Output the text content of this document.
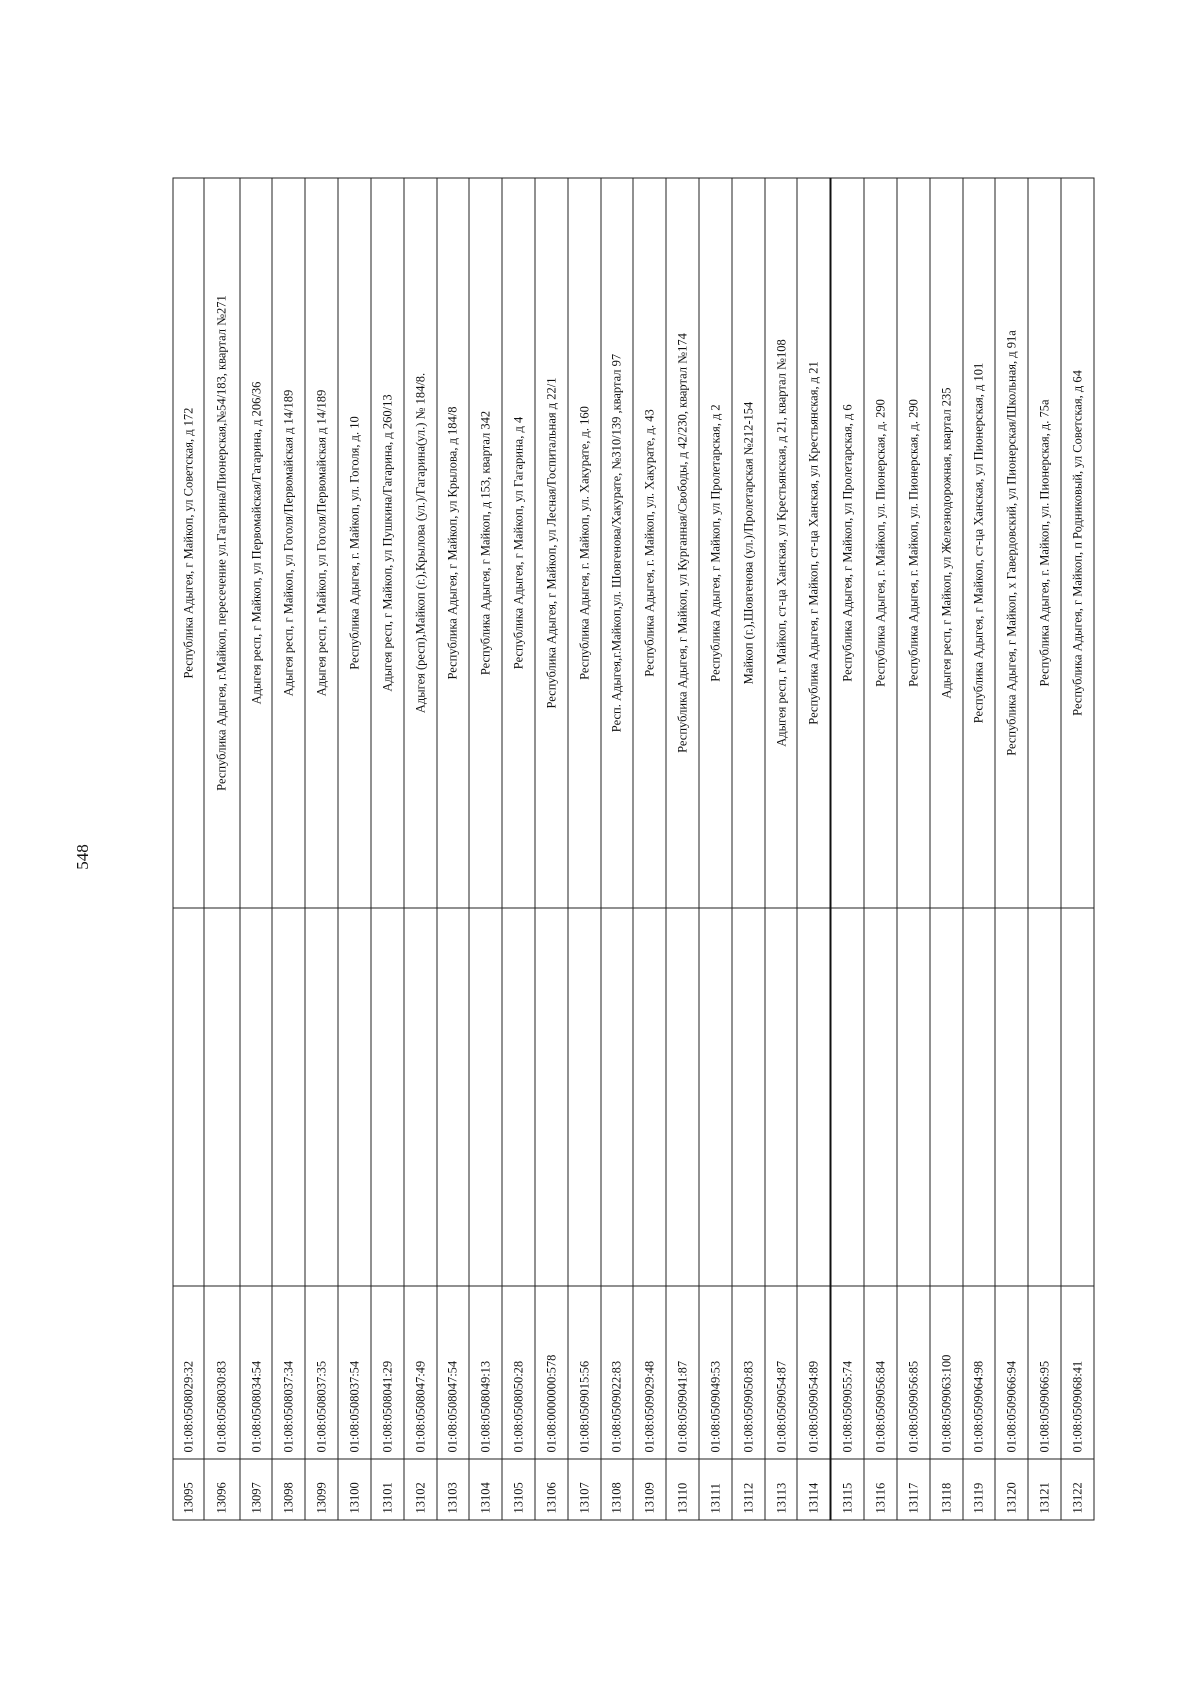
548
13095	01:08:0508029:32		Республика Адыгея, г Майкоп, ул Советская, д 172
13096	01:08:0508030:83		Республика Адыгея, г.Майкоп, пересечение ул.Гагарина/Пионерская,№54/183, квартал №271
13097	01:08:0508034:54		Адыгея респ, г Майкоп, ул Первомайская/Гагарина, д 206/36
13098	01:08:0508037:34		Адыгея респ, г Майкоп, ул Гоголя/Первомайская д 14/189
13099	01:08:0508037:35		Адыгея респ, г Майкоп, ул Гоголя/Первомайская д 14/189
13100	01:08:0508037:54		Республика Адыгея, г. Майкоп, ул. Гоголя, д. 10
13101	01:08:0508041:29		Адыгея респ, г Майкоп, ул Пушкина/Гагарина, д 260/13
13102	01:08:0508047:49		Адыгея (респ),Майкоп (г.),Крылова (ул.)/Гагарина(ул.) № 184/8.
13103	01:08:0508047:54		Республика Адыгея, г Майкоп, ул Крылова, д 184/8
13104	01:08:0508049:13		Республика Адыгея, г Майкоп, д 153, квартал 342
13105	01:08:0508050:28		Республика Адыгея, г Майкоп, ул Гагарина, д 4
13106	01:08:0000000:578		Республика Адыгея, г Майкоп, ул Лесная/Госпитальная д 22/1
13107	01:08:0509015:56		Республика Адыгея, г. Майкоп, ул. Хакурате, д. 160
13108	01:08:0509022:83		Респ. Адыгея,г.Майкоп,ул. Шовгенова/Хакурате, №310/139 ,квартал 97
13109	01:08:0509029:48		Республика Адыгея, г. Майкоп, ул. Хакурате, д. 43
13110	01:08:0509041:87		Республика Адыгея, г Майкоп, ул Курганная/Свободы, д 42/230, квартал №174
13111	01:08:0509049:53		Республика Адыгея, г Майкоп, ул Пролетарская, д 2
13112	01:08:0509050:83		Майкоп (г.),Шовгенова (ул.)/Пролетарская №212-154
13113	01:08:0509054:87		Адыгея респ, г Майкоп, ст-ца Ханская, ул Крестьянская, д 21, квартал №108
13114	01:08:0509054:89		Республика Адыгея, г Майкоп, ст-ца Ханская, ул Крестьянская, д 21
13115	01:08:0509055:74		Республика Адыгея, г Майкоп, ул Пролетарская, д 6
13116	01:08:0509056:84		Республика Адыгея, г. Майкоп, ул. Пионерская, д. 290
13117	01:08:0509056:85		Республика Адыгея, г. Майкоп, ул. Пионерская, д. 290
13118	01:08:0509063:100		Адыгея респ, г Майкоп, ул Железнодорожная, квартал 235
13119	01:08:0509064:98		Республика Адыгея, г Майкоп, ст-ца Ханская, ул Пионерская, д 101
13120	01:08:0509066:94		Республика Адыгея, г Майкоп, х Гавердовский, ул Пионерская/Школьная, д 91а
13121	01:08:0509066:95		Республика Адыгея, г. Майкоп, ул. Пионерская, д. 75а
13122	01:08:0509068:41		Республика Адыгея, г Майкоп, п Родниковый, ул Советская, д 64
